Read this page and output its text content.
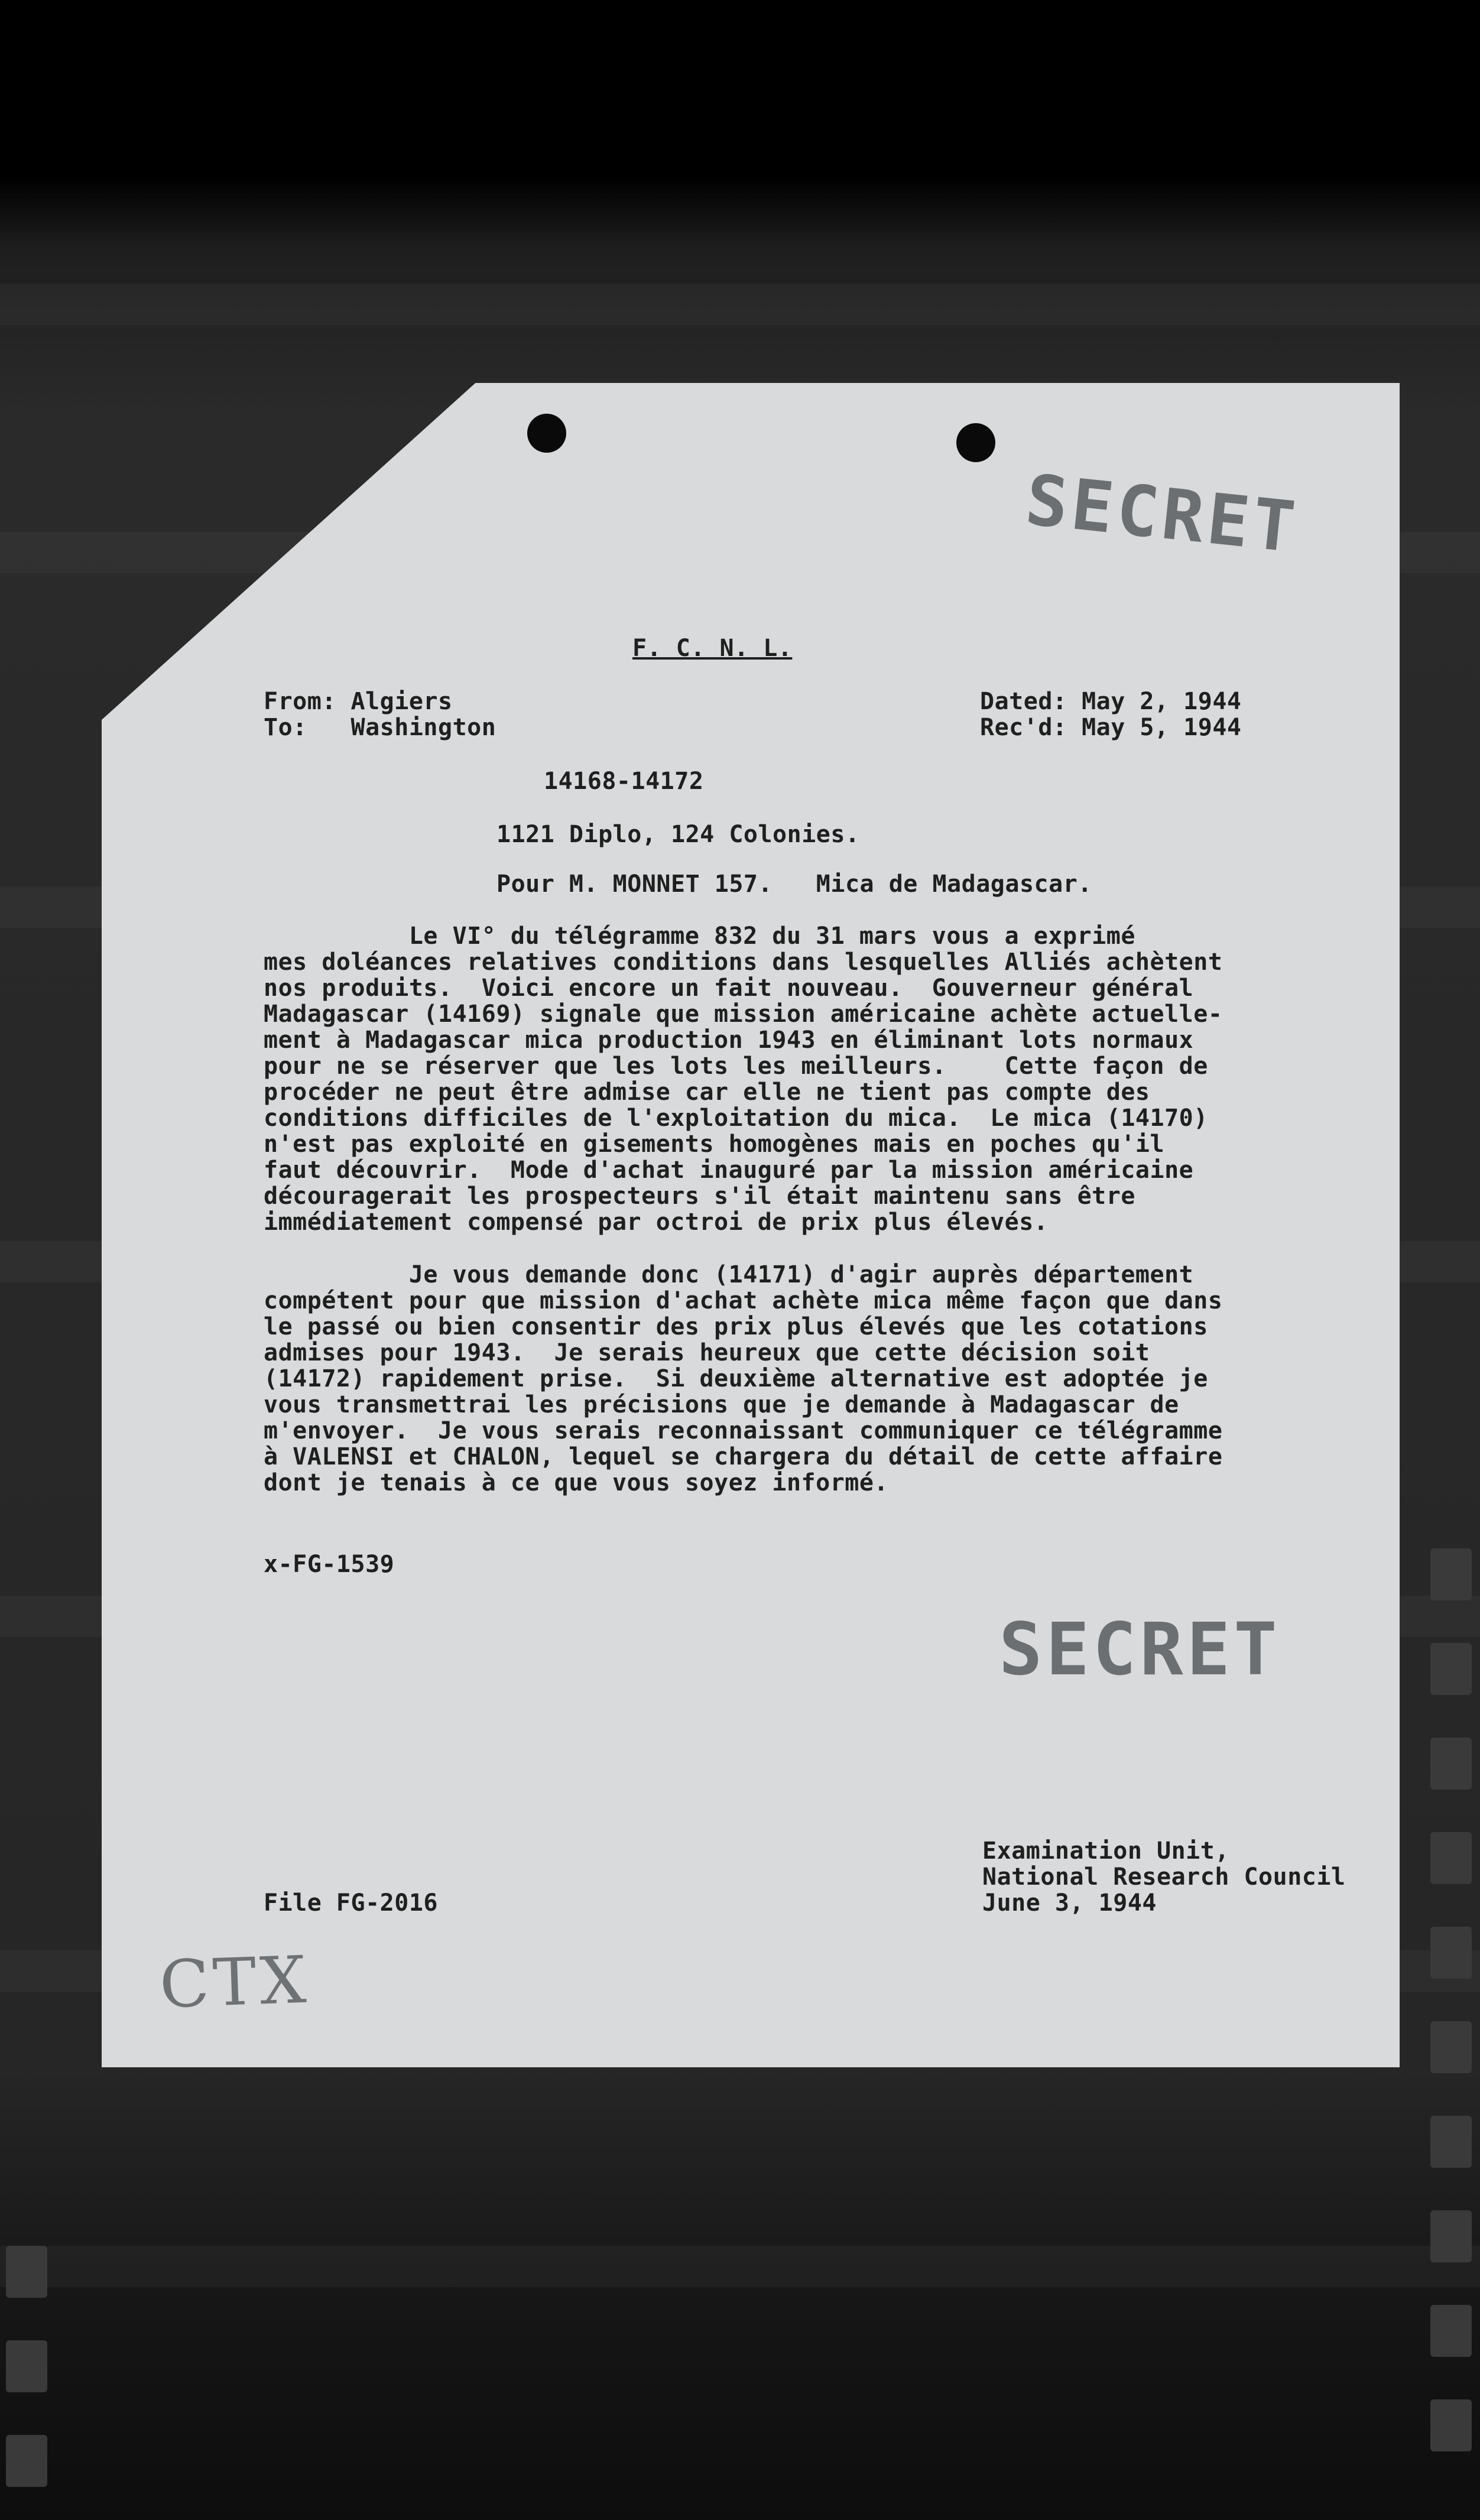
SECRET

SECRET

F. C. N. L.

From: Algiers

To:   Washington

Dated: May 2, 1944

Rec'd: May 5, 1944

14168-14172

1121 Diplo, 124 Colonies.

Pour M. MONNET 157.   Mica de Madagascar.

Le VI° du télégramme 832 du 31 mars vous a exprimé

mes doléances relatives conditions dans lesquelles Alliés achètent

nos produits.  Voici encore un fait nouveau.  Gouverneur général

Madagascar (14169) signale que mission américaine achète actuelle-

ment à Madagascar mica production 1943 en éliminant lots normaux

pour ne se réserver que les lots les meilleurs.    Cette façon de

procéder ne peut être admise car elle ne tient pas compte des

conditions difficiles de l'exploitation du mica.  Le mica (14170)

n'est pas exploité en gisements homogènes mais en poches qu'il

faut découvrir.  Mode d'achat inauguré par la mission américaine

découragerait les prospecteurs s'il était maintenu sans être

immédiatement compensé par octroi de prix plus élevés.

Je vous demande donc (14171) d'agir auprès département

compétent pour que mission d'achat achète mica même façon que dans

le passé ou bien consentir des prix plus élevés que les cotations

admises pour 1943.  Je serais heureux que cette décision soit

(14172) rapidement prise.  Si deuxième alternative est adoptée je

vous transmettrai les précisions que je demande à Madagascar de

m'envoyer.  Je vous serais reconnaissant communiquer ce télégramme

à VALENSI et CHALON, lequel se chargera du détail de cette affaire

dont je tenais à ce que vous soyez informé.

x-FG-1539

Examination Unit,

National Research Council

June 3, 1944

File FG-2016

CTX
